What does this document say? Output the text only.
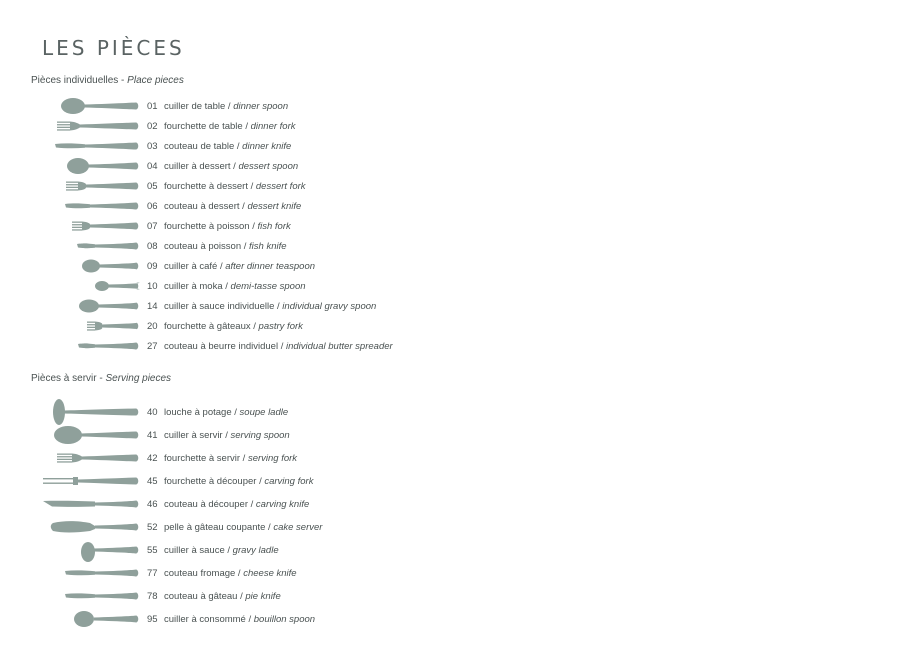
LES PIÈCES
Pièces individuelles - Place pieces
Pièces à servir - Serving pieces
01 cuiller de table / dinner spoon
02 fourchette de table / dinner fork
03 couteau de table / dinner knife
04 cuiller à dessert / dessert spoon
05 fourchette à dessert / dessert fork
06 couteau à dessert / dessert knife
07 fourchette à poisson / fish fork
08 couteau à poisson / fish knife
09 cuiller à café / after dinner teaspoon
10 cuiller à moka / demi-tasse spoon
14 cuiller à sauce individuelle / individual gravy spoon
20 fourchette à gâteaux / pastry fork
27 couteau à beurre individuel / individual butter spreader
40 louche à potage / soupe ladle
41 cuiller à servir / serving spoon
42 fourchette à servir / serving fork
45 fourchette à découper / carving fork
46 couteau à découper / carving knife
52 pelle à gâteau coupante / cake server
55 cuiller à sauce / gravy ladle
77 couteau fromage / cheese knife
78 couteau à gâteau / pie knife
95 cuiller à consommé / bouillon spoon
